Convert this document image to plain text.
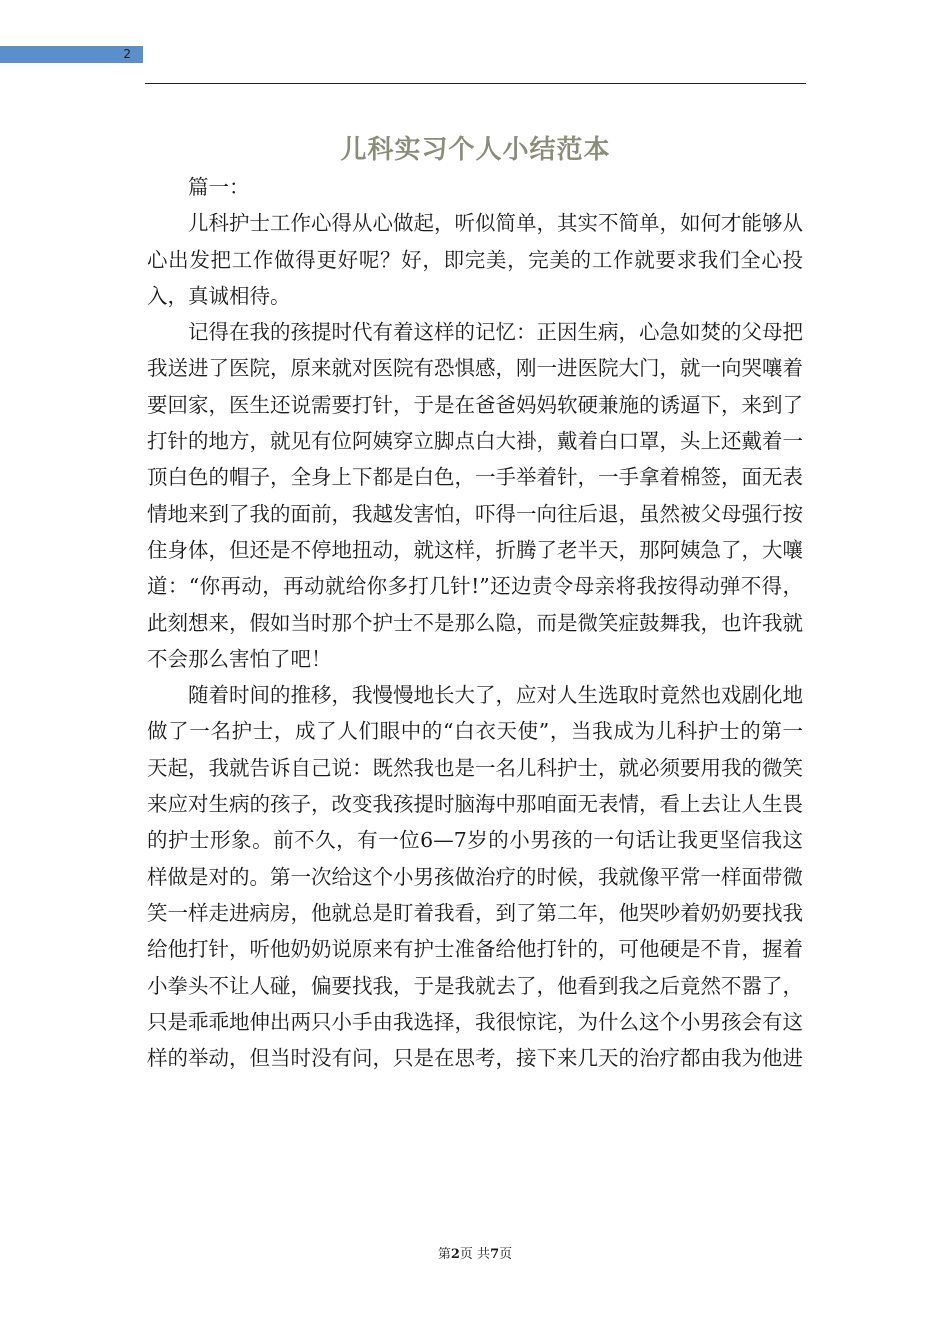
2
儿科实习个人小结范本

篇一：

儿科护士工作心得从心做起，听似简单，其实不简单，如何才能够从心出发把工作做得更好呢？好，即完美，完美的工作就要求我们全心投入，真诚相待。

记得在我的孩提时代有着这样的记忆：正因生病，心急如焚的父母把我送进了医院，原来就对医院有恐惧感，刚一进医院大门，就一向哭嚷着要回家，医生还说需要打针，于是在爸爸妈妈软硬兼施的诱逼下，来到了打针的地方，就见有位阿姨穿立脚点白大褂，戴着白口罩，头上还戴着一顶白色的帽子，全身上下都是白色，一手举着针，一手拿着棉签，面无表情地来到了我的面前，我越发害怕，吓得一向往后退，虽然被父母强行按住身体，但还是不停地扭动，就这样，折腾了老半天，那阿姨急了，大嚷道：“你再动，再动就给你多打几针!”还边责令母亲将我按得动弹不得，此刻想来，假如当时那个护士不是那么隐，而是微笑症鼓舞我，也许我就不会那么害怕了吧！

随着时间的推移，我慢慢地长大了，应对人生选取时竟然也戏剧化地做了一名护士，成了人们眼中的“白衣天使”，当我成为儿科护士的第一天起，我就告诉自己说：既然我也是一名儿科护士，就必须要用我的微笑来应对生病的孩子，改变我孩提时脑海中那咱面无表情，看上去让人生畏的护士形象。前不久，有一位6—7岁的小男孩的一句话让我更坚信我这样做是对的。第一次给这个小男孩做治疗的时候，我就像平常一样面带微笑一样走进病房，他就总是盯着我看，到了第二年，他哭吵着奶奶要找我给他打针，听他奶奶说原来有护士准备给他打针的，可他硬是不肯，握着小拳头不让人碰，偏要找我，于是我就去了，他看到我之后竟然不嚣了，只是乖乖地伸出两只小手由我选择，我很惊诧，为什么这个小男孩会有这样的举动，但当时没有问，只是在思考，接下来几天的治疗都由我为他进

第2页 共7页
